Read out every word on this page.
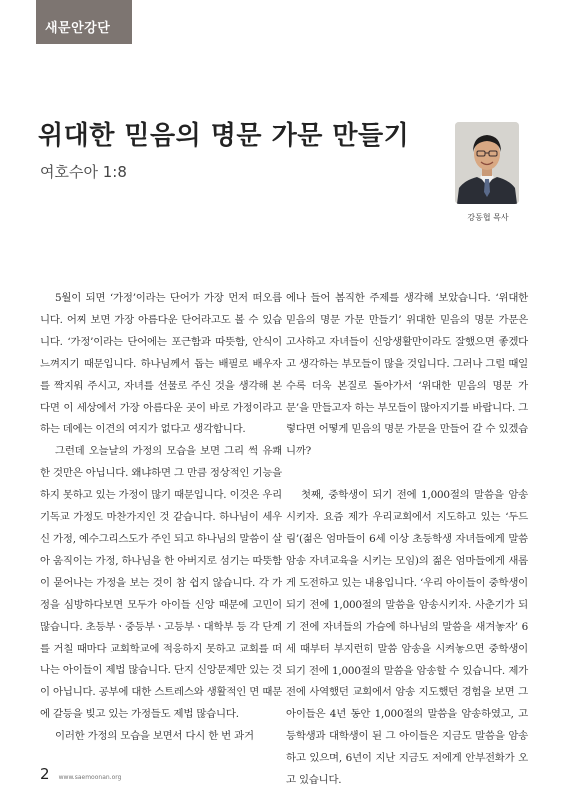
새문안강단
위대한 믿음의 명문 가문 만들기
여호수아 1:8
강동협 목사

5월이 되면 ‘가정’이라는 단어가 가장 먼저 떠오릅니다. 어찌 보면 가장 아름다운 단어라고도 볼 수 있습니다. ‘가정’이라는 단어에는 포근함과 따뜻함, 안식이 느껴지기 때문입니다. 하나님께서 돕는 배필로 배우자를 짝지워 주시고, 자녀를 선물로 주신 것을 생각해 본다면 이 세상에서 가장 아름다운 곳이 바로 가정이라고 하는 데에는 이견의 여지가 없다고 생각합니다.

그런데 오늘날의 가정의 모습을 보면 그리 썩 유쾌한 것만은 아닙니다. 왜냐하면 그 만큼 정상적인 기능을 하지 못하고 있는 가정이 많기 때문입니다. 이것은 우리 기독교 가정도 마찬가지인 것 같습니다. 하나님이 세우신 가정, 예수그리스도가 주인 되고 하나님의 말씀이 살아 움직이는 가정, 하나님을 한 아버지로 섬기는 따뜻함이 묻어나는 가정을 보는 것이 참 쉽지 않습니다. 각 가정을 심방하다보면 모두가 아이들 신앙 때문에 고민이 많습니다. 초등부ㆍ중등부ㆍ고등부ㆍ대학부 등 각 단계를 거칠 때마다 교회학교에 적응하지 못하고 교회를 떠나는 아이들이 제법 많습니다. 단지 신앙문제만 있는 것이 아닙니다. 공부에 대한 스트레스와 생활적인 면 때문에 갈등을 빚고 있는 가정들도 제법 많습니다.

이러한 가정의 모습을 보면서 다시 한 번 과거

에나 들어 봄직한 주제를 생각해 보았습니다. ‘위대한 믿음의 명문 가문 만들기’ 위대한 믿음의 명문 가문은 고사하고 자녀들이 신앙생활만이라도 잘했으면 좋겠다고 생각하는 부모들이 많을 것입니다. 그러나 그럴 때일수록 더욱 본질로 돌아가서 ‘위대한 믿음의 명문 가문’을 만들고자 하는 부모들이 많아지기를 바랍니다. 그렇다면 어떻게 믿음의 명문 가문을 만들어 갈 수 있겠습니까?

첫째, 중학생이 되기 전에 1,000절의 말씀을 암송시키자. 요즘 제가 우리교회에서 지도하고 있는 ‘두드림’(젊은 엄마들이 6세 이상 초등학생 자녀들에게 말씀암송 자녀교육을 시키는 모임)의 젊은 엄마들에게 새롭게 도전하고 있는 내용입니다. ‘우리 아이들이 중학생이 되기 전에 1,000절의 말씀을 암송시키자. 사춘기가 되기 전에 자녀들의 가슴에 하나님의 말씀을 새겨놓자’ 6세 때부터 부지런히 말씀 암송을 시켜놓으면 중학생이 되기 전에 1,000절의 말씀을 암송할 수 있습니다. 제가 전에 사역했던 교회에서 암송 지도했던 경험을 보면 그 아이들은 4년 동안 1,000절의 말씀을 암송하였고, 고등학생과 대학생이 된 그 아이들은 지금도 말씀을 암송하고 있으며, 6년이 지난 지금도 저에게 안부전화가 오고 있습니다.

2 www.saemoonan.org
